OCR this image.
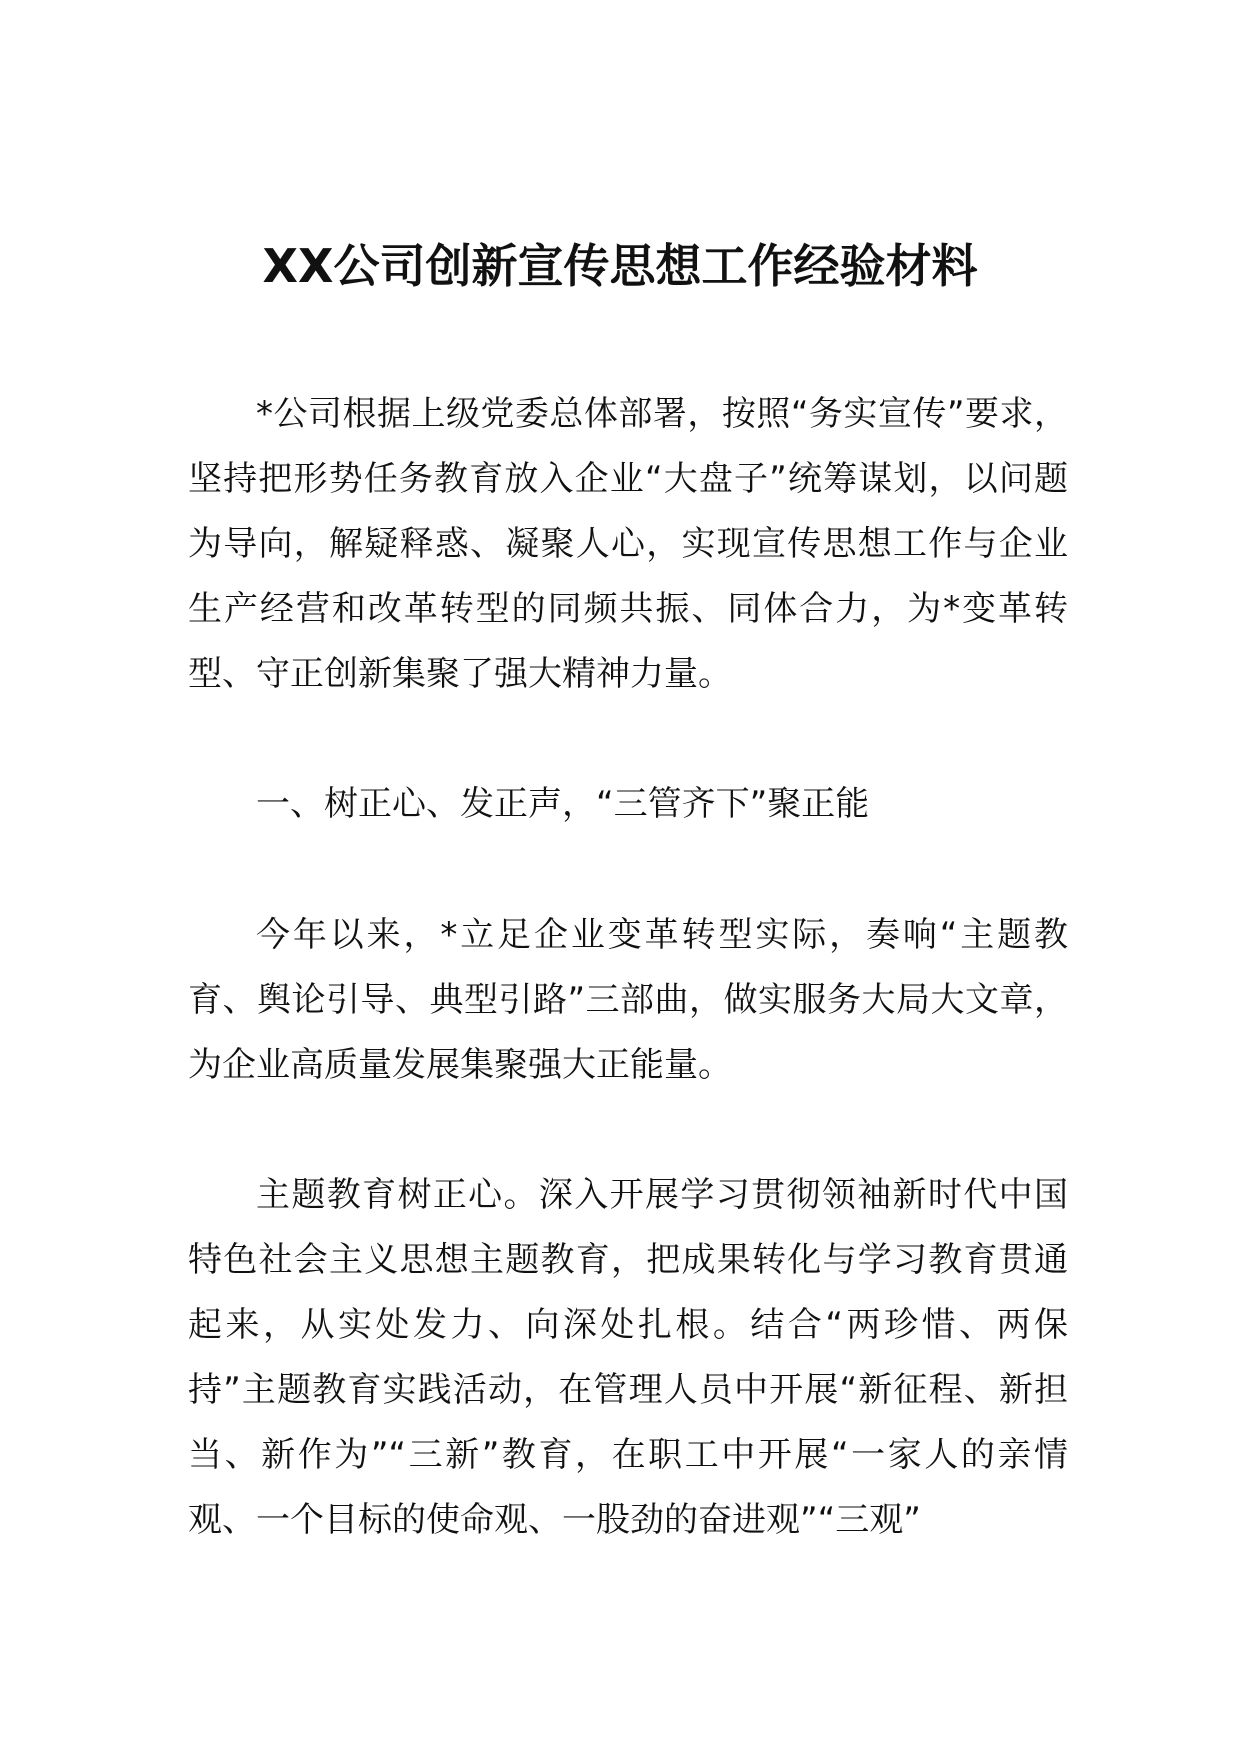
XX公司创新宣传思想工作经验材料

*公司根据上级党委总体部署，按照“务实宣传”要求，坚持把形势任务教育放入企业“大盘子”统筹谋划，以问题为导向，解疑释惑、凝聚人心，实现宣传思想工作与企业生产经营和改革转型的同频共振、同体合力，为*变革转型、守正创新集聚了强大精神力量。

一、树正心、发正声，“三管齐下”聚正能

今年以来，*立足企业变革转型实际，奏响“主题教育、舆论引导、典型引路”三部曲，做实服务大局大文章，为企业高质量发展集聚强大正能量。

主题教育树正心。深入开展学习贯彻领袖新时代中国特色社会主义思想主题教育，把成果转化与学习教育贯通起来，从实处发力、向深处扎根。结合“两珍惜、两保持”主题教育实践活动，在管理人员中开展“新征程、新担当、新作为”“三新”教育，在职工中开展“一家人的亲情观、一个目标的使命观、一股劲的奋进观”“三观”
